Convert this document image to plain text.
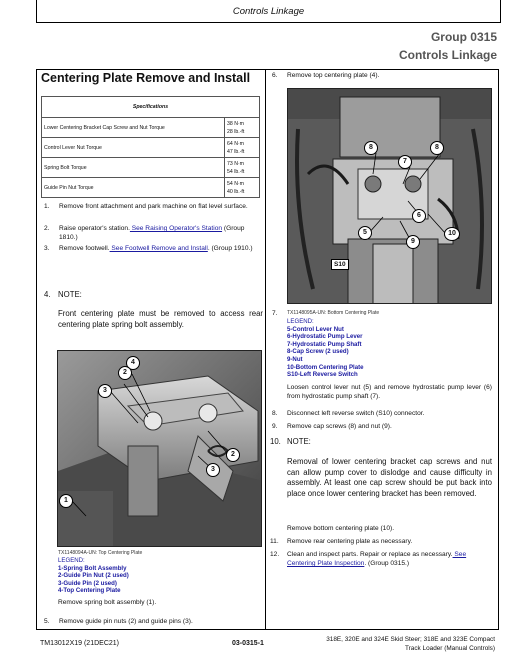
Controls Linkage
Group 0315
Controls Linkage
Centering Plate Remove and Install
Specifications	
Lower Centering Bracket Cap Screw and Nut Torque	38 N·m
28 lb.-ft
Control Lever Nut Torque	64 N·m
47 lb.-ft
Spring Bolt Torque	73 N·m
54 lb.-ft
Guide Pin Nut Torque	54 N·m
40 lb.-ft
1. Remove front attachment and park machine on flat level surface.
2. Raise operator's station. See Raising Operator's Station (Group 1810.)
3. Remove footwell. See Footwell Remove and Install. (Group 1910.)
4. NOTE:
Front centering plate must be removed to access rear centering plate spring bolt assembly.
4
2
3
2
3
1
TX1148094A-UN: Top Centering Plate
LEGEND:
1-Spring Bolt Assembly
2-Guide Pin Nut (2 used)
3-Guide Pin (2 used)
4-Top Centering Plate
Remove spring bolt assembly (1).
5. Remove guide pin nuts (2) and guide pins (3).
6. Remove top centering plate (4).
8
7
8
6
5
9
10
S10
7. TX1148095A-UN: Bottom Centering Plate
LEGEND:
5-Control Lever Nut
6-Hydrostatic Pump Lever
7-Hydrostatic Pump Shaft
8-Cap Screw (2 used)
9-Nut
10-Bottom Centering Plate
S10-Left Reverse Switch
Loosen control lever nut (5) and remove hydrostatic pump lever (6) from hydrostatic pump shaft (7).
8. Disconnect left reverse switch (S10) connector.
9. Remove cap screws (8) and nut (9).
10. NOTE:
Removal of lower centering bracket cap screws and nut can allow pump cover to dislodge and cause difficulty in assembly. At least one cap screw should be put back into place once lower centering bracket has been removed.
Remove bottom centering plate (10).
11. Remove rear centering plate as necessary.
12. Clean and inspect parts. Repair or replace as necessary. See Centering Plate Inspection. (Group 0315.)
TM13012X19 (21DEC21)	03-0315-1
318E, 320E and 324E Skid Steer; 318E and 323E Compact
Track Loader (Manual Controls)
